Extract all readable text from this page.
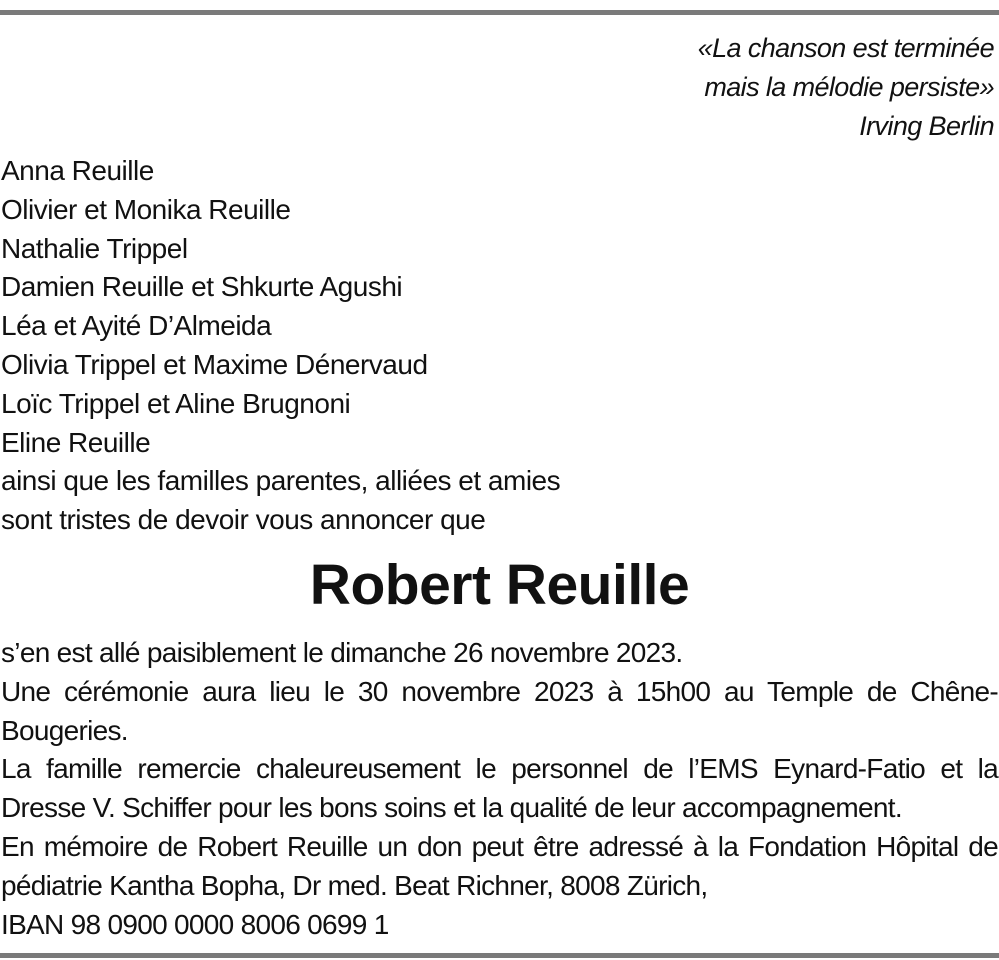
«La chanson est terminée
mais la mélodie persiste»
Irving Berlin
Anna Reuille
Olivier et Monika Reuille
Nathalie Trippel
Damien Reuille et Shkurte Agushi
Léa et Ayité D’Almeida
Olivia Trippel et Maxime Dénervaud
Loïc Trippel et Aline Brugnoni
Eline Reuille
ainsi que les familles parentes, alliées et amies
sont tristes de devoir vous annoncer que
Robert Reuille
s’en est allé paisiblement le dimanche 26 novembre 2023.
Une cérémonie aura lieu le 30 novembre 2023 à 15h00 au Temple de Chêne-Bougeries.
La famille remercie chaleureusement le personnel de l’EMS Eynard-Fatio et la Dresse V. Schiffer pour les bons soins et la qualité de leur accompagnement.
En mémoire de Robert Reuille un don peut être adressé à la Fondation Hôpital de pédiatrie Kantha Bopha, Dr med. Beat Richner, 8008 Zürich,
IBAN 98 0900 0000 8006 0699 1
